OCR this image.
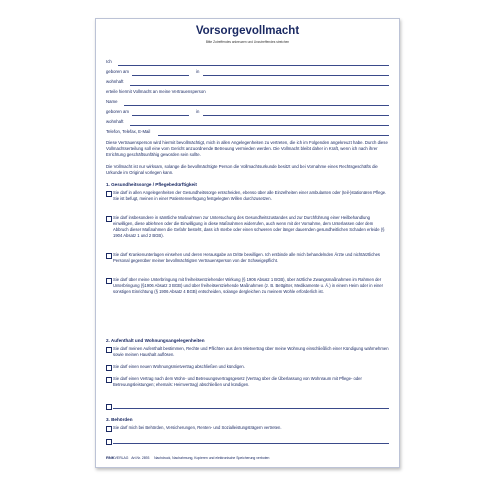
Vorsorgevollmacht
Bitte Zutreffendes ankreuzen und Unzutreffendes streichen
Ich
geboren am	in
wohnhaft
erteile hiermit Vollmacht an meine Vertrauensperson
Name
geboren am	in
wohnhaft
Telefon, Telefax, E-Mail
Diese Vertrauensperson wird hiermit bevollmächtigt, mich in allen Angelegenheiten zu vertreten, die ich im Folgenden angekreuzt habe. Durch diese Vollmachtserteilung soll eine vom Gericht anzuordnende Betreuung vermieden werden. Die Vollmacht bleibt daher in Kraft, wenn ich nach ihrer Errichtung geschäftsunfähig geworden sein sollte.
Die Vollmacht ist nur wirksam, solange die bevollmächtigte Person die Vollmachtsurkunde besitzt und bei Vornahme eines Rechtsgeschäfts die Urkunde im Original vorlegen kann.
1. Gesundheitssorge / Pflegebedürftigkeit
Sie darf in allen Angelegenheiten der Gesundheitssorge entscheiden, ebenso über alle Einzelheiten einer ambulanten oder (teil-)stationären Pflege. Sie ist befugt, meinen in einer Patientenverfügung festgelegten Willen durchzusetzen.
Sie darf insbesondere in sämtliche Maßnahmen zur Untersuchung des Gesundheitszustandes und zur Durchführung einer Heilbehandlung einwilligen, diese ablehnen oder die Einwilligung in diese Maßnahmen widerrufen, auch wenn mit der Vornahme, dem Unterlassen oder dem Abbruch dieser Maßnahmen die Gefahr besteht, dass ich sterbe oder einen schweren oder länger dauernden gesundheitlichen Schaden erleide (§ 1904 Absatz 1 und 2 BGB).
Sie darf Krankenunterlagen einsehen und deren Herausgabe an Dritte bewilligen. Ich entbinde alle mich behandelnden Ärzte und nichtärztliches Personal gegenüber meiner bevollmächtigten Vertrauensperson von der Schweigepflicht.
Sie darf über meine Unterbringung mit freiheitsentziehender Wirkung (§ 1906 Absatz 1 BGB), über ärztliche Zwangsmaßnahmen im Rahmen der Unterbringung (§1906 Absatz 3 BGB) und über freiheitsentziehende Maßnahmen (z. B. Bettgitter, Medikamente u. Ä.) in einem Heim oder in einer sonstigen Einrichtung (§ 1906 Absatz 4 BGB) entscheiden, solange dergleichen zu meinem Wohle erforderlich ist.
2. Aufenthalt und Wohnungsangelegenheiten
Sie darf meinen Aufenthalt bestimmen, Rechte und Pflichten aus dem Mietvertrag über meine Wohnung einschließlich einer Kündigung wahrnehmen sowie meinen Haushalt auflösen.
Sie darf einen neuen Wohnungsmietvertrag abschließen und kündigen.
Sie darf einen Vertrag nach dem Wohn- und Betreuungsvertragsgesetz (Vertrag über die Überlassung von Wohnraum mit Pflege- oder Betreuungsleistungen; ehemals: Heimvertrag) abschließen und kündigen.
3. Behörden
Sie darf mich bei Behörden, Versicherungen, Renten- und Sozialleistungsträgern vertreten.
RNKVERLAG Art.Nr. 2893 Nachdruck, Nachahmung, Kopieren und elektronische Speicherung verboten
